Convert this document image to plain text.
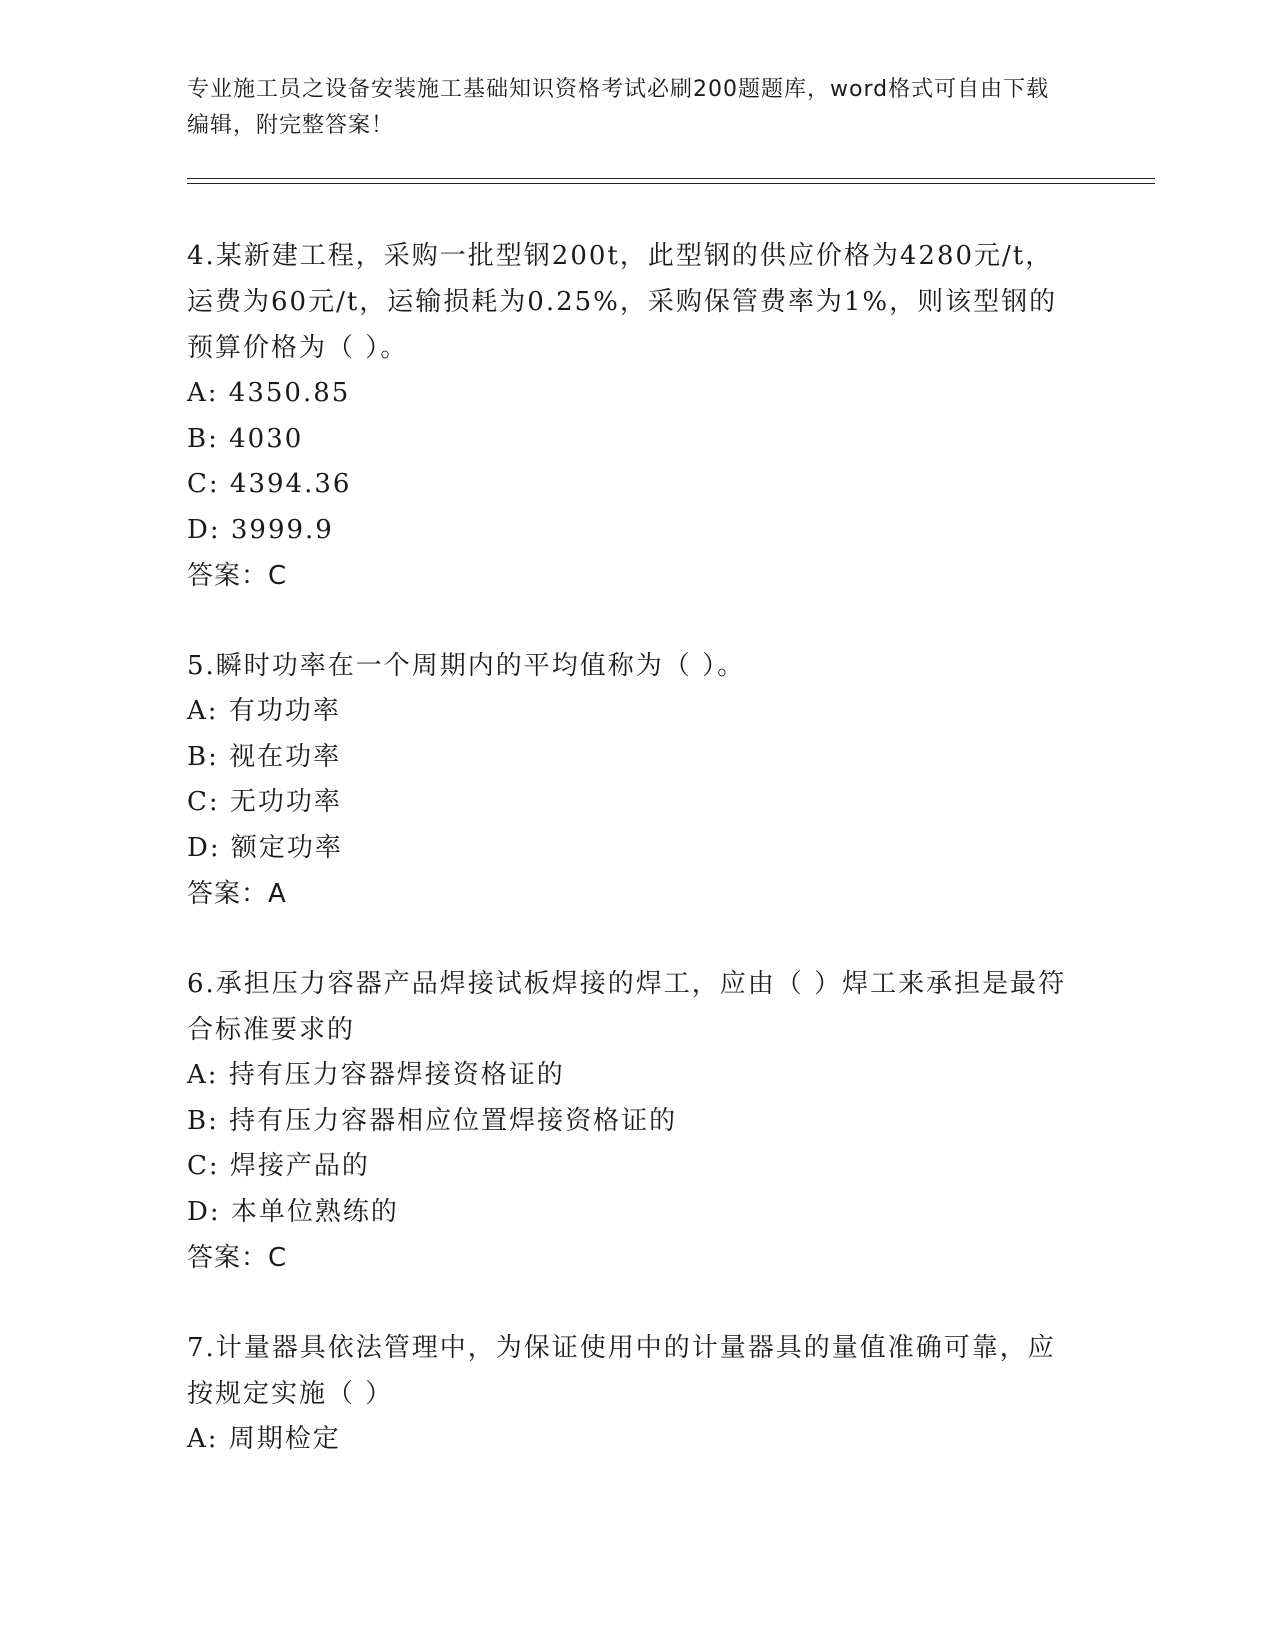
专业施工员之设备安装施工基础知识资格考试必刷200题题库，word格式可自由下载编辑，附完整答案！
4.某新建工程，采购一批型钢200t，此型钢的供应价格为4280元/t，运费为60元/t，运输损耗为0.25%，采购保管费率为1%，则该型钢的预算价格为（ ）。
A: 4350.85
B: 4030
C: 4394.36
D: 3999.9
答案：C
5.瞬时功率在一个周期内的平均值称为（ ）。
A: 有功功率
B: 视在功率
C: 无功功率
D: 额定功率
答案：A
6.承担压力容器产品焊接试板焊接的焊工，应由（ ）焊工来承担是最符合标准要求的
A: 持有压力容器焊接资格证的
B: 持有压力容器相应位置焊接资格证的
C: 焊接产品的
D: 本单位熟练的
答案：C
7.计量器具依法管理中，为保证使用中的计量器具的量值准确可靠，应按规定实施（ ）
A: 周期检定
